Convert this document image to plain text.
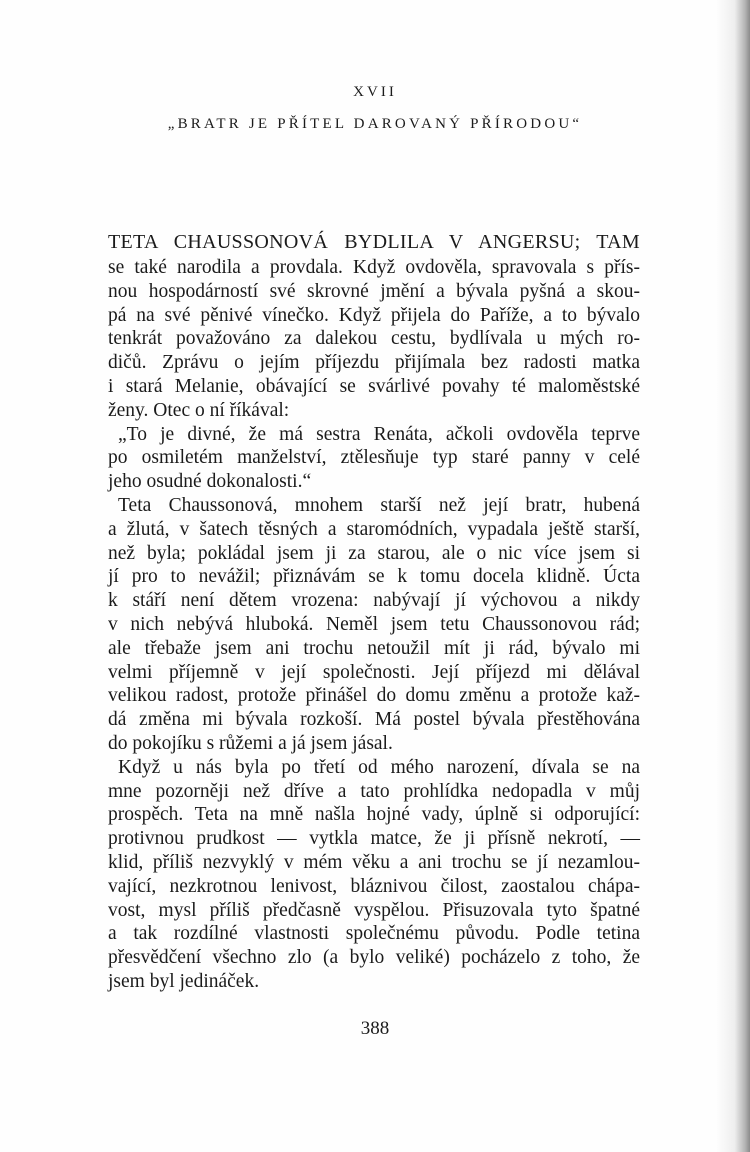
XVII
„BRATR JE PŘÍTEL DAROVANÝ PŘÍRODOU“
TETA CHAUSSONOVÁ BYDLILA V ANGERSU; TAM
se také narodila a provdala. Když ovdověla, spravovala s přís-
nou hospodárností své skrovné jmění a bývala pyšná a skou-
pá na své pěnivé vínečko. Když přijela do Paříže, a to bývalo
tenkrát považováno za dalekou cestu, bydlívala u mých ro-
dičů. Zprávu o jejím příjezdu přijímala bez radosti matka
i stará Melanie, obávající se svárlivé povahy té maloměstské
ženy. Otec o ní říkával:
„To je divné, že má sestra Renáta, ačkoli ovdověla teprve
po osmiletém manželství, ztělesňuje typ staré panny v celé
jeho osudné dokonalosti.“
Teta Chaussonová, mnohem starší než její bratr, hubená
a žlutá, v šatech těsných a staromódních, vypadala ještě starší,
než byla; pokládal jsem ji za starou, ale o nic více jsem si
jí pro to nevážil; přiznávám se k tomu docela klidně. Úcta
k stáří není dětem vrozena: nabývají jí výchovou a nikdy
v nich nebývá hluboká. Neměl jsem tetu Chaussonovou rád;
ale třebaže jsem ani trochu netoužil mít ji rád, bývalo mi
velmi příjemně v její společnosti. Její příjezd mi dělával
velikou radost, protože přinášel do domu změnu a protože kaž-
dá změna mi bývala rozkoší. Má postel bývala přestěhována
do pokojíku s růžemi a já jsem jásal.
Když u nás byla po třetí od mého narození, dívala se na
mne pozorněji než dříve a tato prohlídka nedopadla v můj
prospěch. Teta na mně našla hojné vady, úplně si odporující:
protivnou prudkost — vytkla matce, že ji přísně nekrotí, —
klid, příliš nezvyklý v mém věku a ani trochu se jí nezamlou-
vající, nezkrotnou lenivost, bláznivou čilost, zaostalou chápa-
vost, mysl příliš předčasně vyspělou. Přisuzovala tyto špatné
a tak rozdílné vlastnosti společnému původu. Podle tetina
přesvědčení všechno zlo (a bylo veliké) pocházelo z toho, že
jsem byl jedináček.
388
